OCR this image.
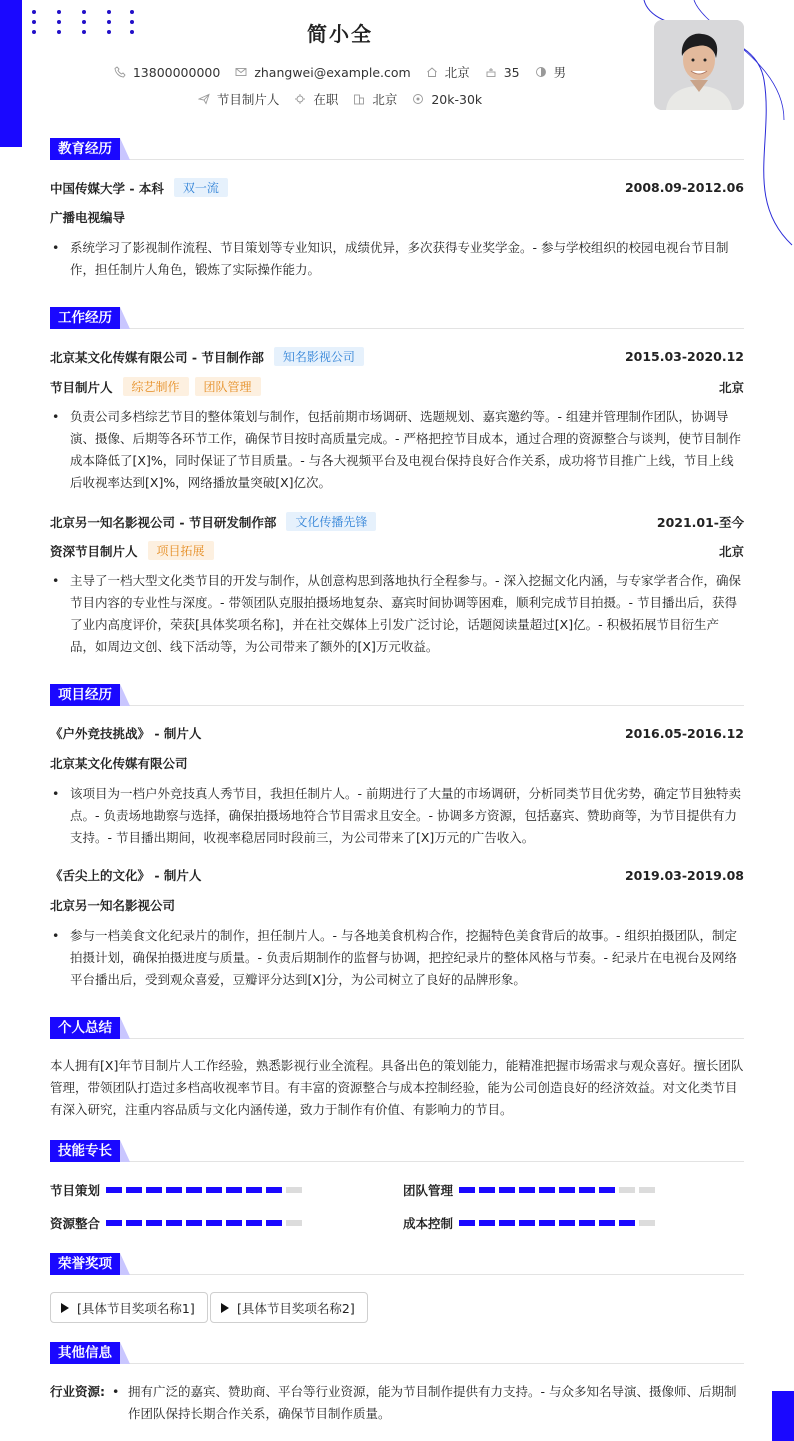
简小全
13800000000	zhangwei@example.com	北京	35	男
节目制片人	在职	北京	20k-30k
教育经历
中国传媒大学 - 本科	双一流	2008.09-2012.06
广播电视编导
• 系统学习了影视制作流程、节目策划等专业知识，成绩优异，多次获得专业奖学金。- 参与学校组织的校园电视台节目制作，担任制片人角色，锻炼了实际操作能力。
工作经历
北京某文化传媒有限公司 - 节目制作部	知名影视公司	2015.03-2020.12
节目制片人	综艺制作	团队管理	北京
• 负责公司多档综艺节目的整体策划与制作，包括前期市场调研、选题规划、嘉宾邀约等。- 组建并管理制作团队，协调导演、摄像、后期等各环节工作，确保节目按时高质量完成。- 严格把控节目成本，通过合理的资源整合与谈判，使节目制作成本降低了[X]%，同时保证了节目质量。- 与各大视频平台及电视台保持良好合作关系，成功将节目推广上线，节目上线后收视率达到[X]%，网络播放量突破[X]亿次。
北京另一知名影视公司 - 节目研发制作部	文化传播先锋	2021.01-至今
资深节目制片人	项目拓展	北京
• 主导了一档大型文化类节目的开发与制作，从创意构思到落地执行全程参与。- 深入挖掘文化内涵，与专家学者合作，确保节目内容的专业性与深度。- 带领团队克服拍摄场地复杂、嘉宾时间协调等困难，顺利完成节目拍摄。- 节目播出后，获得了业内高度评价，荣获[具体奖项名称]，并在社交媒体上引发广泛讨论，话题阅读量超过[X]亿。- 积极拓展节目衍生产品，如周边文创、线下活动等，为公司带来了额外的[X]万元收益。
项目经历
《户外竞技挑战》 - 制片人	2016.05-2016.12
北京某文化传媒有限公司
• 该项目为一档户外竞技真人秀节目，我担任制片人。- 前期进行了大量的市场调研，分析同类节目优劣势，确定节目独特卖点。- 负责场地勘察与选择，确保拍摄场地符合节目需求且安全。- 协调多方资源，包括嘉宾、赞助商等，为节目提供有力支持。- 节目播出期间，收视率稳居同时段前三，为公司带来了[X]万元的广告收入。
《舌尖上的文化》 - 制片人	2019.03-2019.08
北京另一知名影视公司
• 参与一档美食文化纪录片的制作，担任制片人。- 与各地美食机构合作，挖掘特色美食背后的故事。- 组织拍摄团队，制定拍摄计划，确保拍摄进度与质量。- 负责后期制作的监督与协调，把控纪录片的整体风格与节奏。- 纪录片在电视台及网络平台播出后，受到观众喜爱，豆瓣评分达到[X]分，为公司树立了良好的品牌形象。
个人总结
本人拥有[X]年节目制片人工作经验，熟悉影视行业全流程。具备出色的策划能力，能精准把握市场需求与观众喜好。擅长团队管理，带领团队打造过多档高收视率节目。有丰富的资源整合与成本控制经验，能为公司创造良好的经济效益。对文化类节目有深入研究，注重内容品质与文化内涵传递，致力于制作有价值、有影响力的节目。
技能专长
节目策划	团队管理
资源整合	成本控制
荣誉奖项
[具体节目奖项名称1]	[具体节目奖项名称2]
其他信息
行业资源:
•	拥有广泛的嘉宾、赞助商、平台等行业资源，能为节目制作提供有力支持。- 与众多知名导演、摄像师、后期制作团队保持长期合作关系，确保节目制作质量。
